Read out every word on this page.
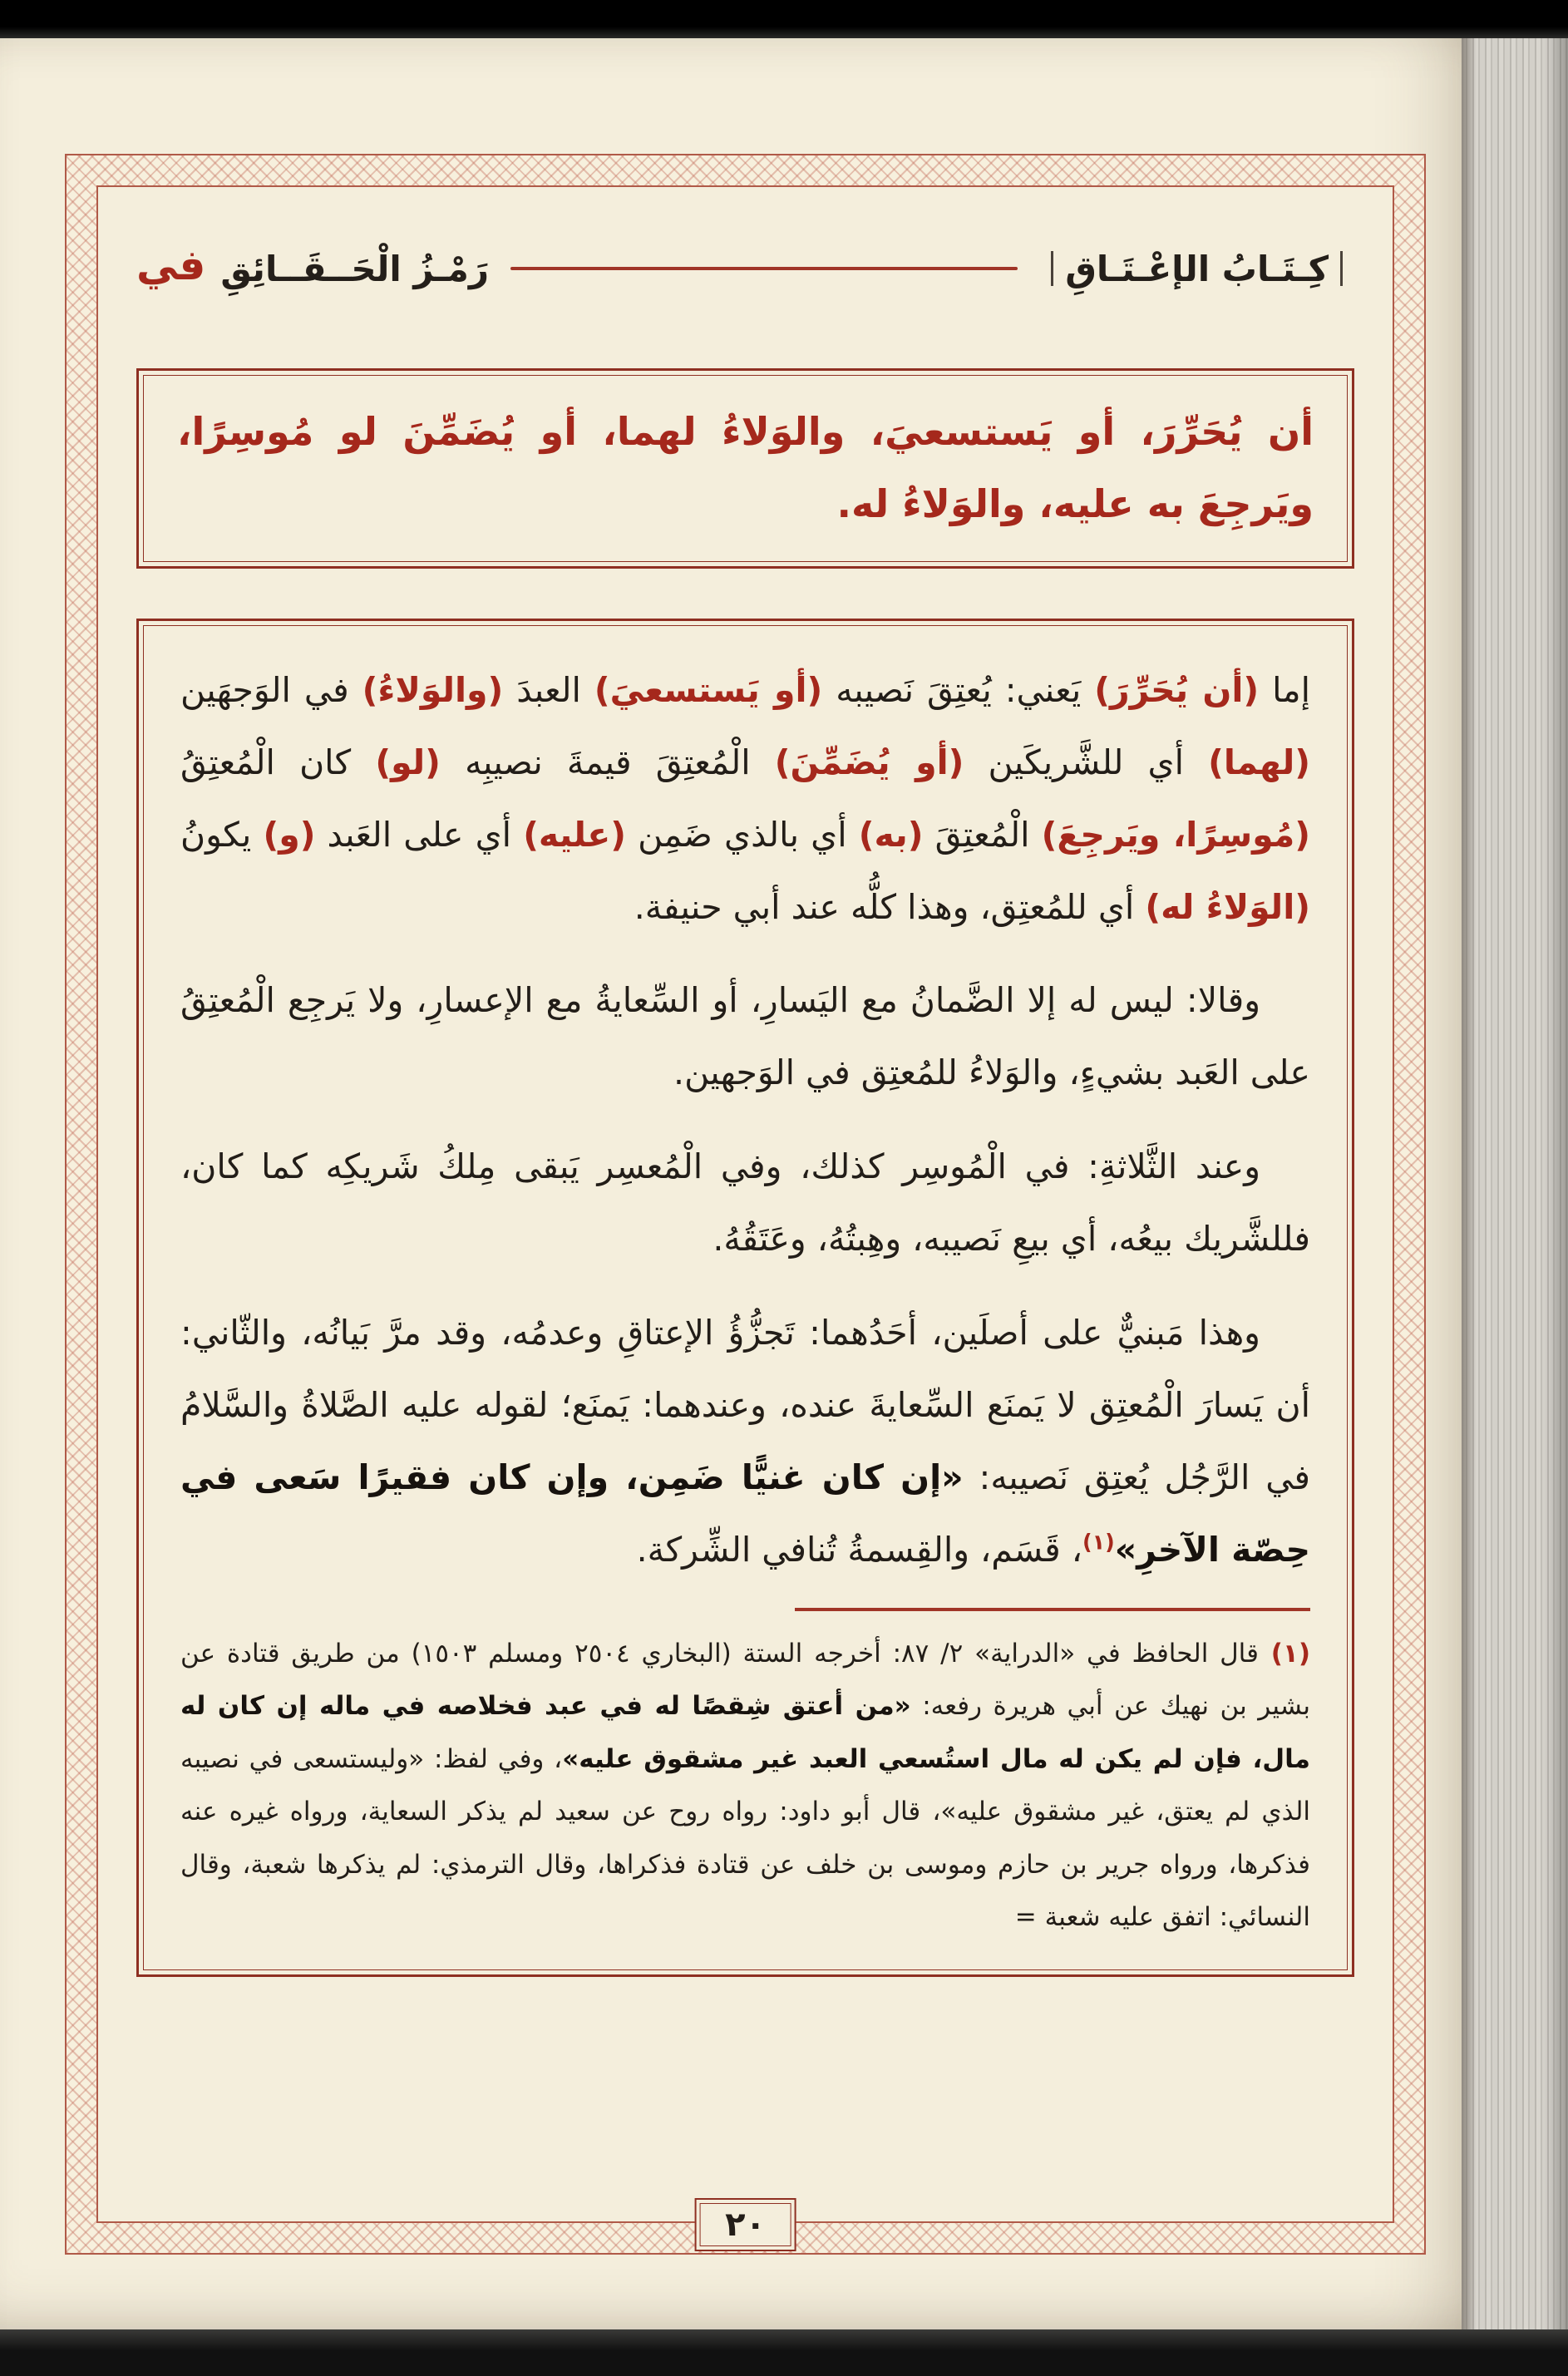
كِـتَـابُ الإعْـتَـاقِ
رَمْـزُ الْحَــقَــائِقِ
في
أن يُحَرِّرَ، أو يَستسعيَ، والوَلاءُ لهما، أو يُضَمِّنَ لو مُوسِرًا، ويَرجِعَ به عليه، والوَلاءُ له.

إما (أن يُحَرِّرَ) يَعني: يُعتِقَ نَصيبه (أو يَستسعيَ) العبدَ (والوَلاءُ) في الوَجهَين (لهما) أي للشَّريكَين (أو يُضَمِّنَ) الْمُعتِقَ قيمةَ نصيبِه (لو) كان الْمُعتِقُ (مُوسِرًا، ويَرجِعَ) الْمُعتِقَ (به) أي بالذي ضَمِن (عليه) أي على العَبد (و) يكونُ (الوَلاءُ له) أي للمُعتِق، وهذا كلُّه عند أبي حنيفة.

وقالا: ليس له إلا الضَّمانُ مع اليَسارِ، أو السِّعايةُ مع الإعسارِ، ولا يَرجِع الْمُعتِقُ على العَبد بشيءٍ، والوَلاءُ للمُعتِق في الوَجهين.

وعند الثَّلاثةِ: في الْمُوسِر كذلك، وفي الْمُعسِر يَبقى مِلكُ شَريكِه كما كان، فللشَّريك بيعُه، أي بيعِ نَصيبه، وهِبتُهُ، وعَتَقُهُ.

وهذا مَبنيٌّ على أصلَين، أحَدُهما: تَجزُّؤُ الإعتاقِ وعدمُه، وقد مرَّ بَيانُه، والثّاني: أن يَسارَ الْمُعتِق لا يَمنَع السِّعايةَ عنده، وعندهما: يَمنَع؛ لقوله عليه الصَّلاةُ والسَّلامُ في الرَّجُل يُعتِق نَصيبه: «إن كان غنيًّا ضَمِن، وإن كان فقيرًا سَعى في حِصّة الآخرِ»$^{(١)}$، قَسَم، والقِسمةُ تُنافي الشِّركة.

(١) قال الحافظ في «الدراية» ٢/ ٨٧: أخرجه الستة (البخاري ٢٥٠٤ ومسلم ١٥٠٣) من طريق قتادة عن بشير بن نهيك عن أبي هريرة رفعه: «من أعتق شِقصًا له في عبد فخلاصه في ماله إن كان له مال، فإن لم يكن له مال استُسعي العبد غير مشقوق عليه»، وفي لفظ: «وليستسعى في نصيبه الذي لم يعتق، غير مشقوق عليه»، قال أبو داود: رواه روح عن سعيد لم يذكر السعاية، ورواه غيره عنه فذكرها، ورواه جرير بن حازم وموسى بن خلف عن قتادة فذكراها، وقال الترمذي: لم يذكرها شعبة، وقال النسائي: اتفق عليه شعبة =

٢٠
